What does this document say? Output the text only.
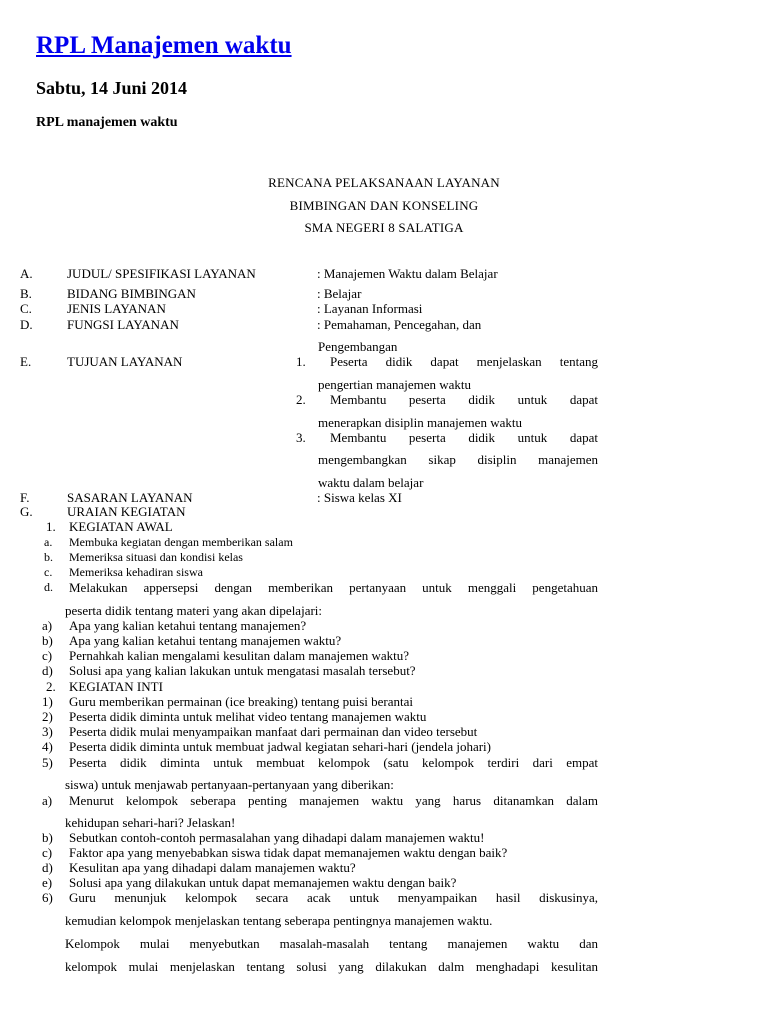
RPL Manajemen waktu
Sabtu, 14 Juni 2014
RPL manajemen waktu
RENCANA PELAKSANAAN LAYANAN
BIMBINGAN DAN KONSELING
SMA NEGERI 8 SALATIGA
A.	JUDUL/ SPESIFIKASI LAYANAN	: Manajemen Waktu dalam Belajar
B.	BIDANG BIMBINGAN	: Belajar
C.	JENIS LAYANAN	: Layanan Informasi
D.	FUNGSI LAYANAN	: Pemahaman, Pencegahan, dan
Pengembangan
E.	TUJUAN LAYANAN	1.	Peserta didik dapat menjelaskan tentang
pengertian manajemen waktu
2.	Membantu peserta didik untuk dapat
menerapkan disiplin manajemen waktu
3.	Membantu peserta didik untuk dapat
mengembangkan sikap disiplin manajemen
waktu dalam belajar
F.	SASARAN LAYANAN	: Siswa kelas XI
G.	URAIAN KEGIATAN
1. KEGIATAN AWAL
a. Membuka kegiatan dengan memberikan salam
b. Memeriksa situasi dan kondisi kelas
c. Memeriksa kehadiran siswa
d. Melakukan appersepsi dengan memberikan pertanyaan untuk menggali pengetahuan
peserta didik tentang materi yang akan dipelajari:
a) Apa yang kalian ketahui tentang manajemen?
b) Apa yang kalian ketahui tentang manajemen waktu?
c) Pernahkah kalian mengalami kesulitan dalam manajemen waktu?
d) Solusi apa yang kalian lakukan untuk mengatasi masalah tersebut?
2. KEGIATAN INTI
1) Guru memberikan permainan (ice breaking) tentang puisi berantai
2) Peserta didik diminta untuk melihat video tentang manajemen waktu
3) Peserta didik mulai menyampaikan manfaat dari permainan dan video tersebut
4) Peserta didik diminta untuk membuat jadwal kegiatan sehari-hari (jendela johari)
5) Peserta didik diminta untuk membuat kelompok (satu kelompok terdiri dari empat
siswa) untuk menjawab pertanyaan-pertanyaan yang diberikan:
a) Menurut kelompok seberapa penting manajemen waktu yang harus ditanamkan dalam
kehidupan sehari-hari? Jelaskan!
b) Sebutkan contoh-contoh permasalahan yang dihadapi dalam manajemen waktu!
c) Faktor apa yang menyebabkan siswa tidak dapat memanajemen waktu dengan baik?
d) Kesulitan apa yang dihadapi dalam manajemen waktu?
e) Solusi apa yang dilakukan untuk dapat memanajemen waktu dengan baik?
6) Guru menunjuk kelompok secara acak untuk menyampaikan hasil diskusinya,
kemudian kelompok menjelaskan tentang seberapa pentingnya manajemen waktu.
Kelompok mulai menyebutkan masalah-masalah tentang manajemen waktu dan
kelompok mulai menjelaskan tentang solusi yang dilakukan dalm menghadapi kesulitan
